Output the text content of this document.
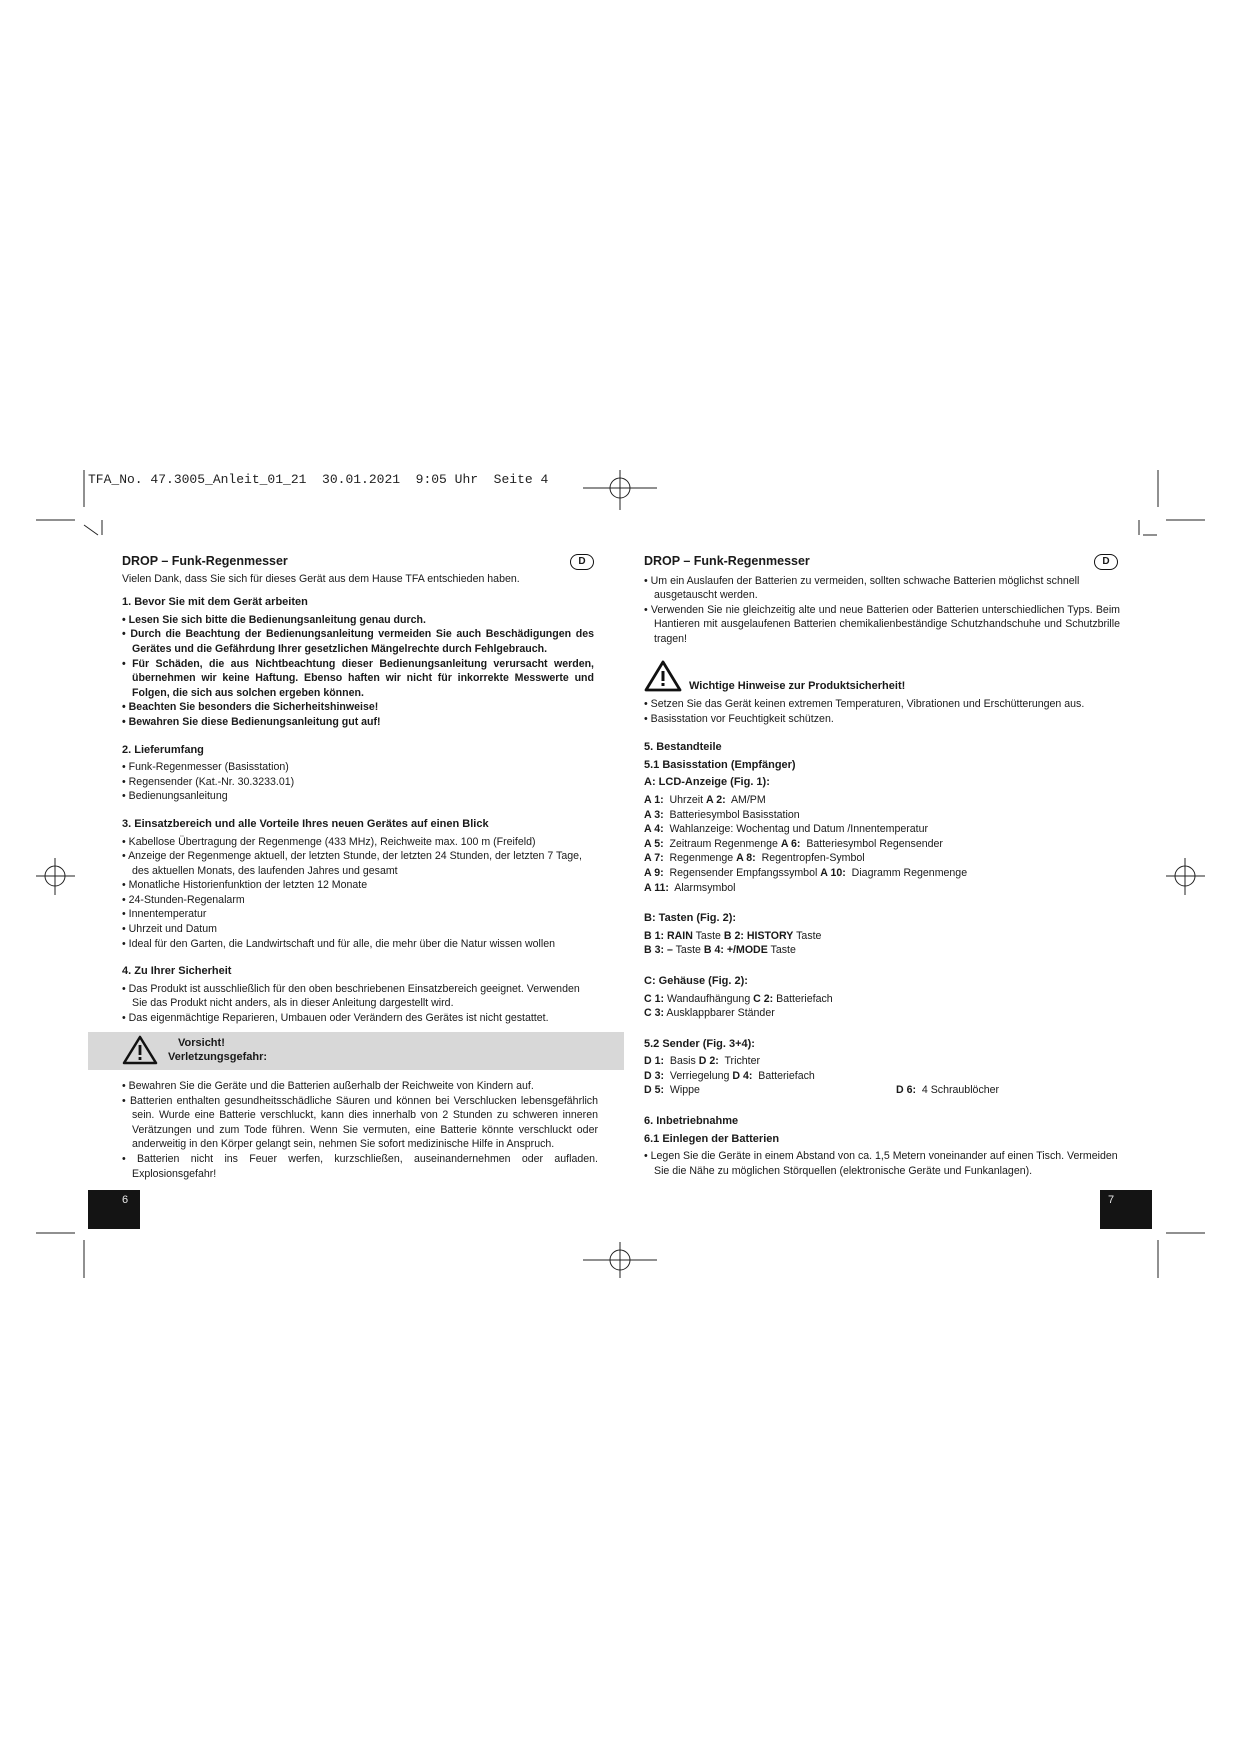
TFA_No. 47.3005_Anleit_01_21  30.01.2021  9:05 Uhr  Seite 4
D

DROP – Funk-Regenmesser

Vielen Dank, dass Sie sich für dieses Gerät aus dem Hause TFA entschieden haben.

1. Bevor Sie mit dem Gerät arbeiten

• Lesen Sie sich bitte die Bedienungsanleitung genau durch.
• Durch die Beachtung der Bedienungsanleitung vermeiden Sie auch Beschädigungen des Gerätes und die Gefährdung Ihrer gesetzlichen Mängelrechte durch Fehlgebrauch.
• Für Schäden, die aus Nichtbeachtung dieser Bedienungsanleitung verursacht werden, übernehmen wir keine Haftung. Ebenso haften wir nicht für inkorrekte Messwerte und Folgen, die sich aus solchen ergeben können.
• Beachten Sie besonders die Sicherheitshinweise!
• Bewahren Sie diese Bedienungsanleitung gut auf!

2. Lieferumfang

• Funk-Regenmesser (Basisstation)
• Regensender (Kat.-Nr. 30.3233.01)
• Bedienungsanleitung

3. Einsatzbereich und alle Vorteile Ihres neuen Gerätes auf einen Blick

• Kabellose Übertragung der Regenmenge (433 MHz), Reichweite max. 100 m (Freifeld)
• Anzeige der Regenmenge aktuell, der letzten Stunde, der letzten 24 Stunden, der letzten 7 Tage, des aktuellen Monats, des laufenden Jahres und gesamt
• Monatliche Historienfunktion der letzten 12 Monate
• 24-Stunden-Regenalarm
• Innentemperatur
• Uhrzeit und Datum
• Ideal für den Garten, die Landwirtschaft und für alle, die mehr über die Natur wissen wollen

4. Zu Ihrer Sicherheit

• Das Produkt ist ausschließlich für den oben beschriebenen Einsatzbereich geeignet. Verwenden Sie das Produkt nicht anders, als in dieser Anleitung dargestellt wird.
• Das eigenmächtige Reparieren, Umbauen oder Verändern des Gerätes ist nicht gestattet.
Vorsicht!
Verletzungsgefahr:
• Bewahren Sie die Geräte und die Batterien außerhalb der Reichweite von Kindern auf.
• Batterien enthalten gesundheitsschädliche Säuren und können bei Verschlucken lebensgefährlich sein. Wurde eine Batterie verschluckt, kann dies innerhalb von 2 Stunden zu schweren inneren Verätzungen und zum Tode führen. Wenn Sie vermuten, eine Batterie könnte verschluckt oder anderweitig in den Körper gelangt sein, nehmen Sie sofort medizinische Hilfe in Anspruch.
• Batterien nicht ins Feuer werfen, kurzschließen, auseinandernehmen oder aufladen. Explosionsgefahr!
6
D

DROP – Funk-Regenmesser

• Um ein Auslaufen der Batterien zu vermeiden, sollten schwache Batterien möglichst schnell ausgetauscht werden.
• Verwenden Sie nie gleichzeitig alte und neue Batterien oder Batterien unterschiedlichen Typs. Beim Hantieren mit ausgelaufenen Batterien chemikalienbeständige Schutzhandschuhe und Schutzbrille tragen!
Wichtige Hinweise zur Produktsicherheit!
• Setzen Sie das Gerät keinen extremen Temperaturen, Vibrationen und Erschütterungen aus.
• Basisstation vor Feuchtigkeit schützen.

5. Bestandteile

5.1 Basisstation (Empfänger)

A: LCD-Anzeige (Fig. 1):

A 1: Uhrzeit A 2: AM/PM
A 3: Batteriesymbol Basisstation
A 4: Wahlanzeige: Wochentag und Datum /Innentemperatur
A 5: Zeitraum Regenmenge A 6: Batteriesymbol Regensender
A 7: Regenmenge A 8: Regentropfen-Symbol
A 9: Regensender Empfangssymbol A 10: Diagramm Regenmenge
A 11: Alarmsymbol

B: Tasten (Fig. 2):

B 1: RAIN Taste B 2: HISTORY Taste
B 3: – Taste B 4: +/MODE Taste

C: Gehäuse (Fig. 2):

C 1: Wandaufhängung C 2: Batteriefach
C 3: Ausklappbarer Ständer

5.2 Sender (Fig. 3+4):

D 1: Basis D 2: Trichter
D 3: Verriegelung D 4: Batteriefach
D 5: Wippe	D 6: 4 Schraublöcher

6. Inbetriebnahme

6.1 Einlegen der Batterien

• Legen Sie die Geräte in einem Abstand von ca. 1,5 Metern voneinander auf einen Tisch. Vermeiden Sie die Nähe zu möglichen Störquellen (elektronische Geräte und Funkanlagen).
7
